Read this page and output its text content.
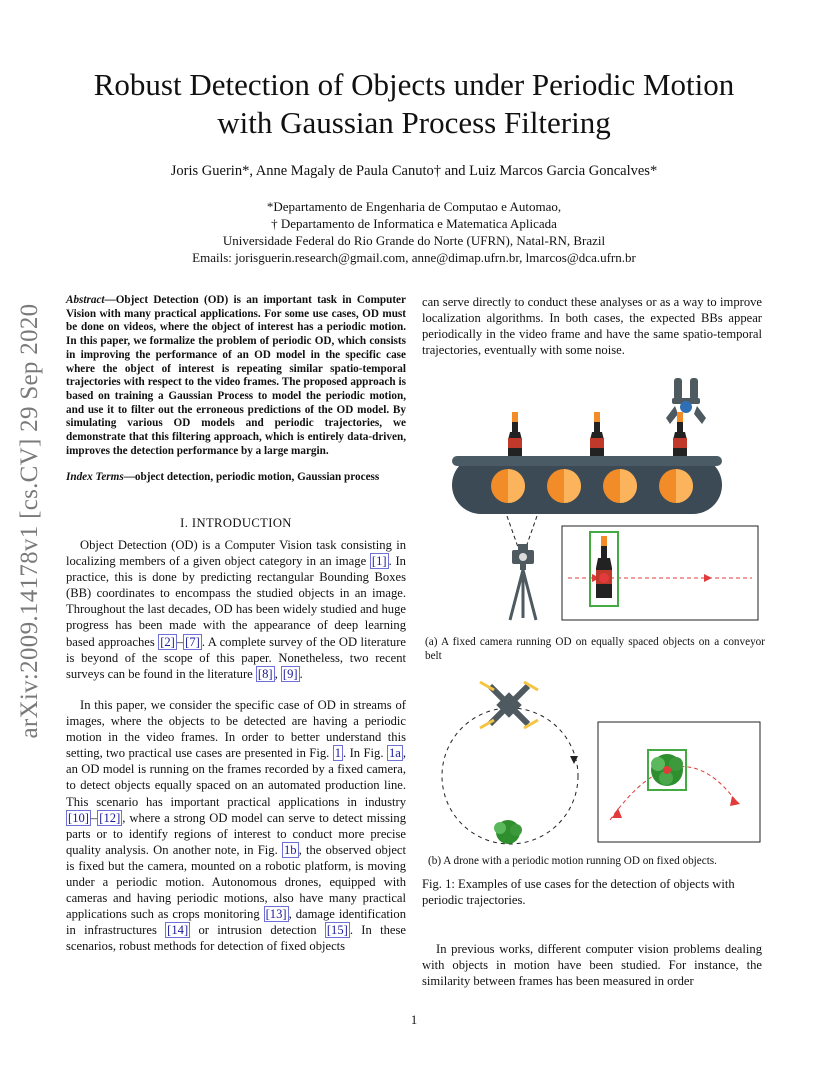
arXiv:2009.14178v1 [cs.CV] 29 Sep 2020
Robust Detection of Objects under Periodic Motion
with Gaussian Process Filtering
Joris Guerin*, Anne Magaly de Paula Canuto† and Luiz Marcos Garcia Goncalves*
*Departamento de Engenharia de Computao e Automao,
† Departamento de Informatica e Matematica Aplicada
Universidade Federal do Rio Grande do Norte (UFRN), Natal-RN, Brazil
Emails: jorisguerin.research@gmail.com, anne@dimap.ufrn.br, lmarcos@dca.ufrn.br
Abstract—Object Detection (OD) is an important task in Computer Vision with many practical applications. For some use cases, OD must be done on videos, where the object of interest has a periodic motion. In this paper, we formalize the problem of periodic OD, which consists in improving the performance of an OD model in the specific case where the object of interest is repeating similar spatio-temporal trajectories with respect to the video frames. The proposed approach is based on training a Gaussian Process to model the periodic motion, and use it to filter out the erroneous predictions of the OD model. By simulating various OD models and periodic trajectories, we demonstrate that this filtering approach, which is entirely data-driven, improves the detection performance by a large margin.
Index Terms—object detection, periodic motion, Gaussian process
I. INTRODUCTION
Object Detection (OD) is a Computer Vision task consisting in localizing members of a given object category in an image [1] . In practice, this is done by predicting rectangular Bounding Boxes (BB) coordinates to encompass the studied objects in an image. Throughout the last decades, OD has been widely studied and huge progress has been made with the appearance of deep learning based approaches [2] – [7] . A complete survey of the OD literature is beyond of the scope of this paper. Nonetheless, two recent surveys can be found in the literature [8] , [9] .
In this paper, we consider the specific case of OD in streams of images, where the objects to be detected are having a periodic motion in the video frames. In order to better understand this setting, two practical use cases are presented in Fig. 1 . In Fig. 1a , an OD model is running on the frames recorded by a fixed camera, to detect objects equally spaced on an automated production line. This scenario has important practical applications in industry [10] – [12] , where a strong OD model can serve to detect missing parts or to identify regions of interest to conduct more precise quality analysis. On another note, in Fig. 1b , the observed object is fixed but the camera, mounted on a robotic platform, is moving under a periodic motion. Autonomous drones, equipped with cameras and having periodic motions, also have many practical applications such as crops monitoring [13] , damage identification in infrastructures [14] or intrusion detection [15] . In these scenarios, robust methods for detection of fixed objects
can serve directly to conduct these analyses or as a way to improve localization algorithms. In both cases, the expected BBs appear periodically in the video frame and have the same spatio-temporal trajectories, eventually with some noise.
(a) A fixed camera running OD on equally spaced objects on a conveyor belt
(b) A drone with a periodic motion running OD on fixed objects.
Fig. 1: Examples of use cases for the detection of objects with periodic trajectories.
In previous works, different computer vision problems dealing with objects in motion have been studied. For instance, the similarity between frames has been measured in order
1
